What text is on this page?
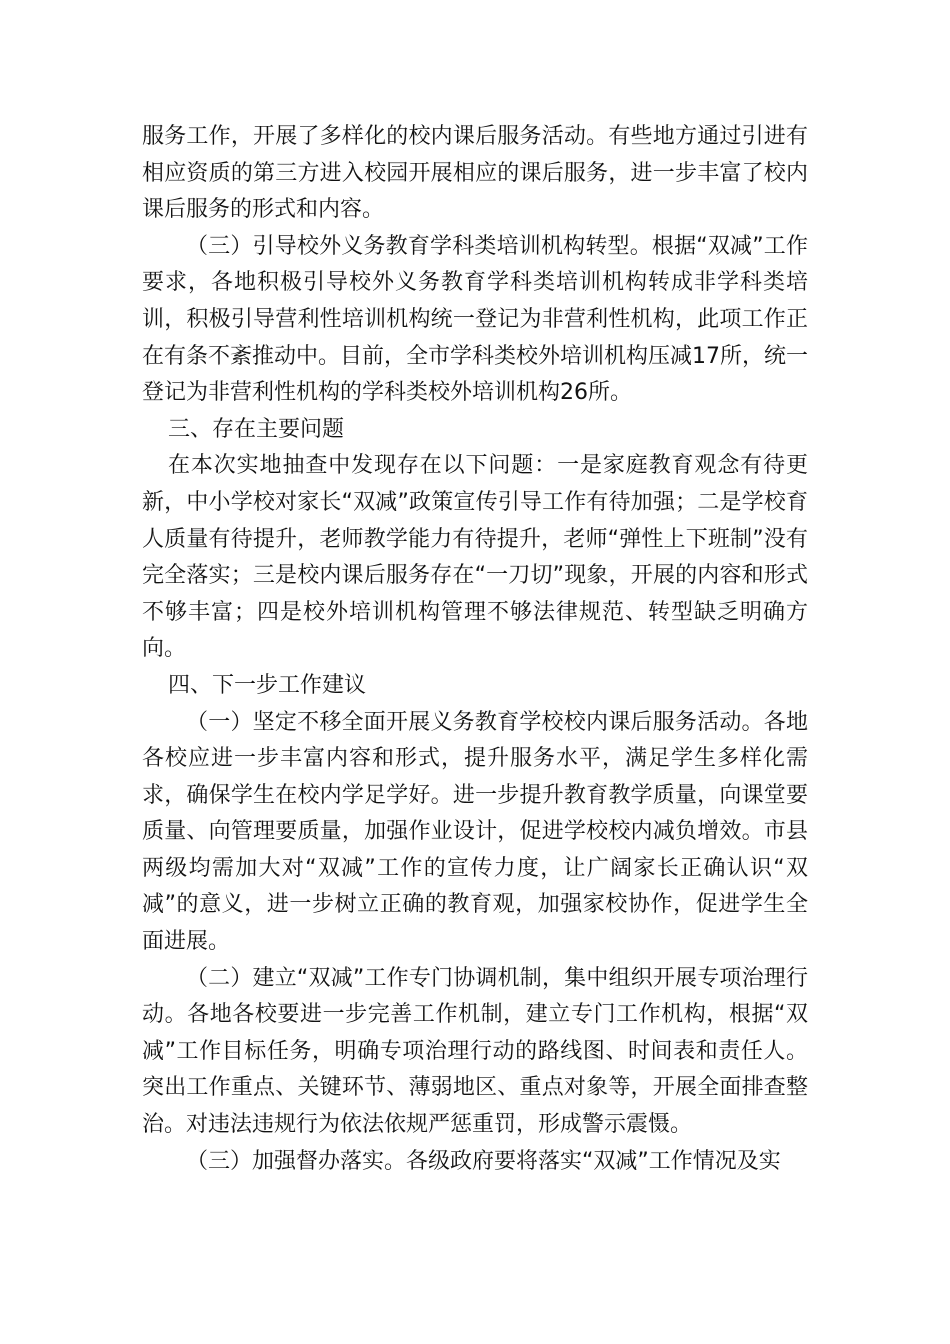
服务工作，开展了多样化的校内课后服务活动。有些地方通过引进有相应资质的第三方进入校园开展相应的课后服务，进一步丰富了校内课后服务的形式和内容。

（三）引导校外义务教育学科类培训机构转型。根据“双减”工作要求，各地积极引导校外义务教育学科类培训机构转成非学科类培训，积极引导营利性培训机构统一登记为非营利性机构，此项工作正在有条不紊推动中。目前，全市学科类校外培训机构压减17所，统一登记为非营利性机构的学科类校外培训机构26所。

三、存在主要问题

在本次实地抽查中发现存在以下问题：一是家庭教育观念有待更新，中小学校对家长“双减”政策宣传引导工作有待加强；二是学校育人质量有待提升，老师教学能力有待提升，老师“弹性上下班制”没有完全落实；三是校内课后服务存在“一刀切”现象，开展的内容和形式不够丰富；四是校外培训机构管理不够法律规范、转型缺乏明确方向。

四、下一步工作建议

（一）坚定不移全面开展义务教育学校校内课后服务活动。各地各校应进一步丰富内容和形式，提升服务水平，满足学生多样化需求，确保学生在校内学足学好。进一步提升教育教学质量，向课堂要质量、向管理要质量，加强作业设计，促进学校校内减负增效。市县两级均需加大对“双减”工作的宣传力度，让广阔家长正确认识“双减”的意义，进一步树立正确的教育观，加强家校协作，促进学生全面进展。

（二）建立“双减”工作专门协调机制，集中组织开展专项治理行动。各地各校要进一步完善工作机制，建立专门工作机构，根据“双减”工作目标任务，明确专项治理行动的路线图、时间表和责任人。突出工作重点、关键环节、薄弱地区、重点对象等，开展全面排查整治。对违法违规行为依法依规严惩重罚，形成警示震慑。

（三）加强督办落实。各级政府要将落实“双减”工作情况及实
